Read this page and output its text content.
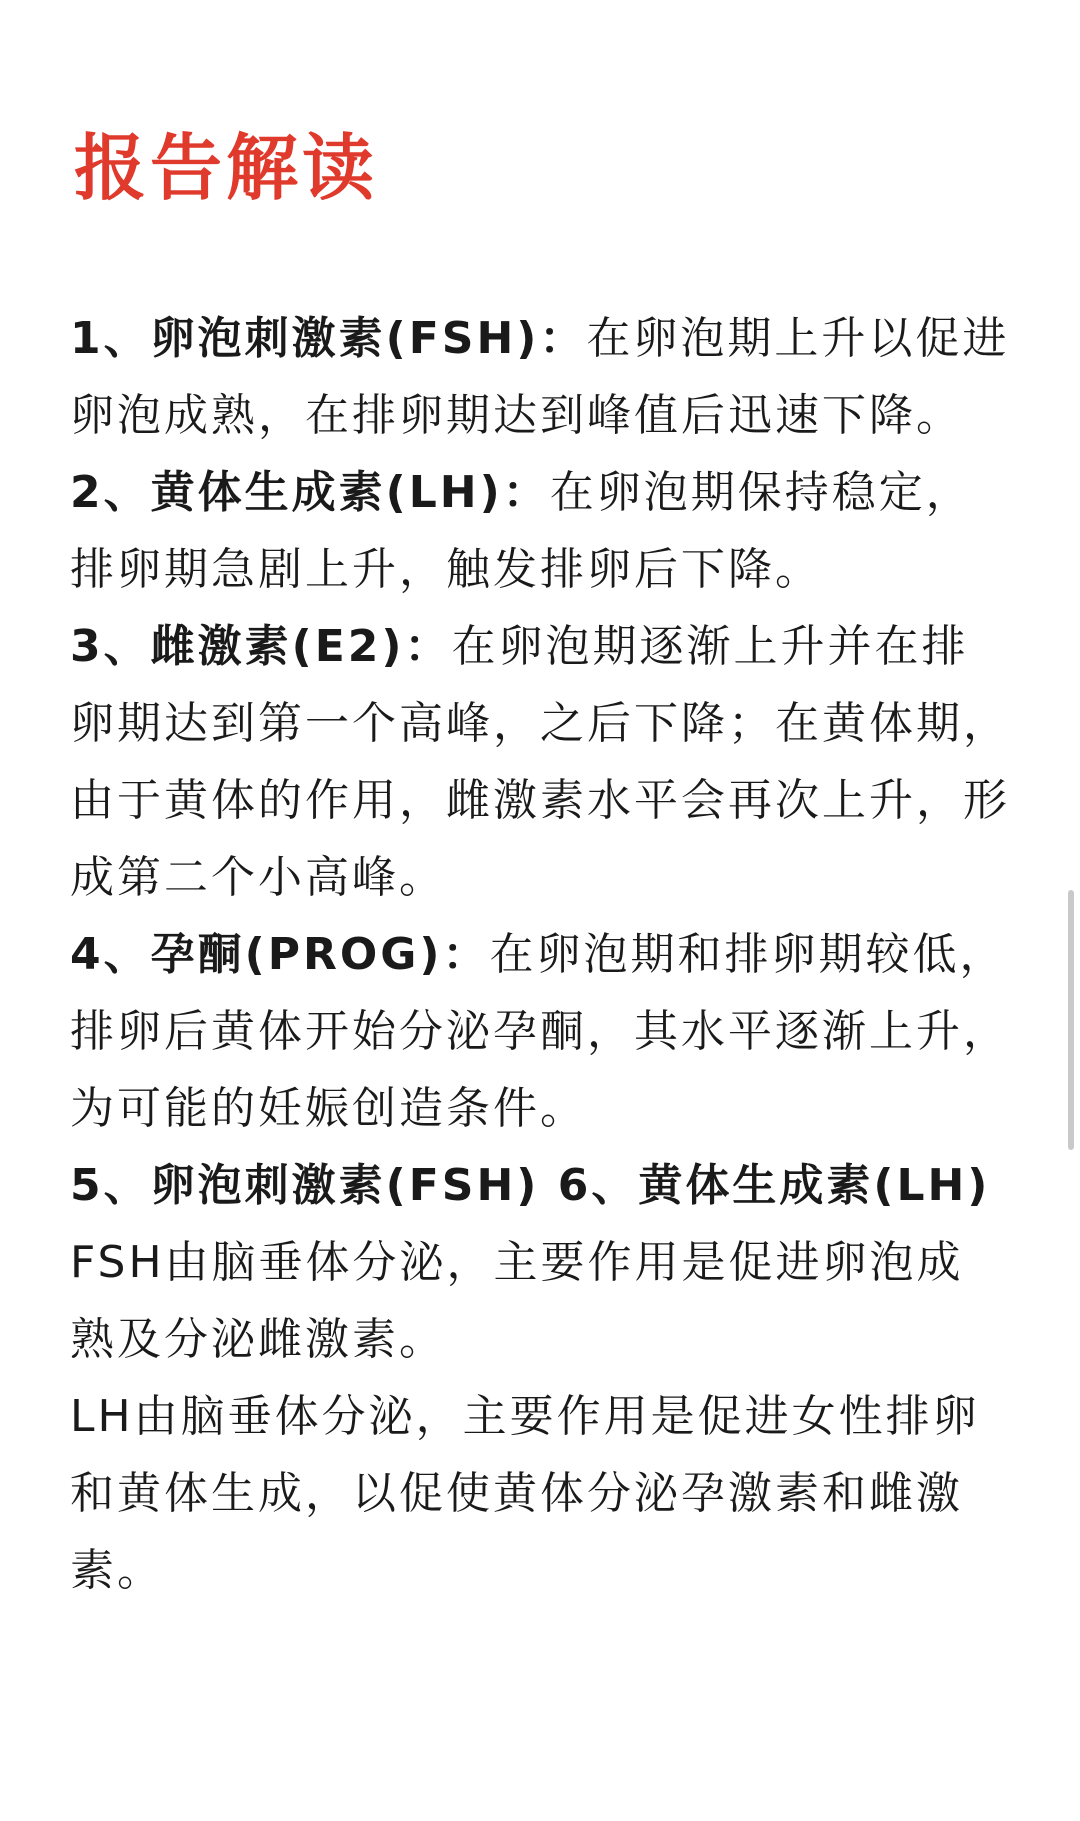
报告解读

1、卵泡刺激素(FSH)：在卵泡期上升以促进卵泡成熟，在排卵期达到峰值后迅速下降。

2、黄体生成素(LH)：在卵泡期保持稳定，排卵期急剧上升，触发排卵后下降。

3、雌激素(E2)：在卵泡期逐渐上升并在排卵期达到第一个高峰，之后下降；在黄体期，由于黄体的作用，雌激素水平会再次上升，形成第二个小高峰。

4、孕酮(PROG)：在卵泡期和排卵期较低，排卵后黄体开始分泌孕酮，其水平逐渐上升，为可能的妊娠创造条件。

5、卵泡刺激素(FSH) 6、黄体生成素(LH)

FSH由脑垂体分泌，主要作用是促进卵泡成熟及分泌雌激素。

LH由脑垂体分泌，主要作用是促进女性排卵和黄体生成，以促使黄体分泌孕激素和雌激素。
